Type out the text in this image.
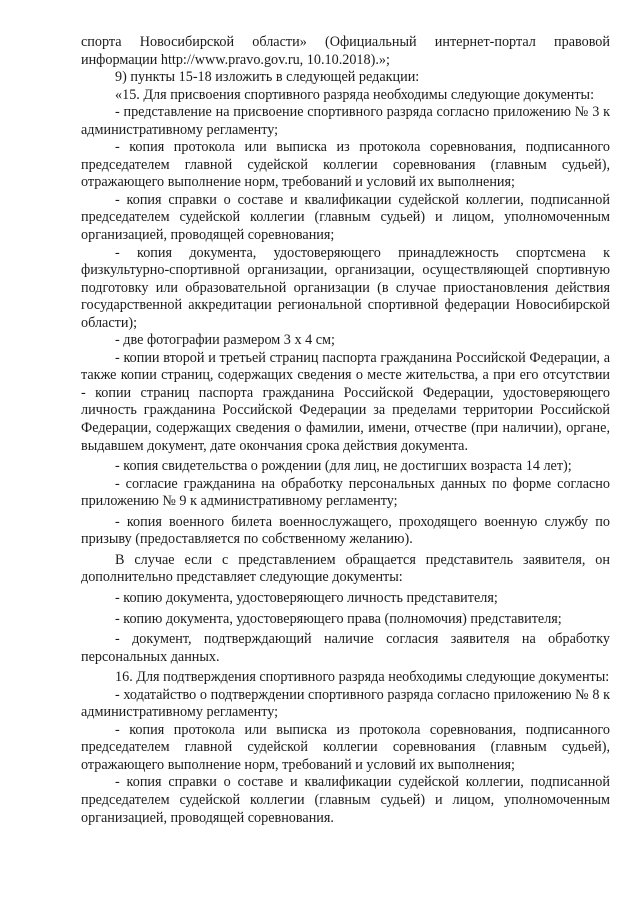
спорта Новосибирской области» (Официальный интернет-портал правовой информации http://www.pravo.gov.ru, 10.10.2018).»;

9) пункты 15-18 изложить в следующей редакции:

«15. Для присвоения спортивного разряда необходимы следующие документы:

- представление на присвоение спортивного разряда согласно приложению № 3 к административному регламенту;

- копия протокола или выписка из протокола соревнования, подписанного председателем главной судейской коллегии соревнования (главным судьей), отражающего выполнение норм, требований и условий их выполнения;

- копия справки о составе и квалификации судейской коллегии, подписанной председателем судейской коллегии (главным судьей) и лицом, уполномоченным организацией, проводящей соревнования;

- копия документа, удостоверяющего принадлежность спортсмена к физкультурно-спортивной организации, организации, осуществляющей спортивную подготовку или образовательной организации (в случае приостановления действия государственной аккредитации региональной спортивной федерации Новосибирской области);

- две фотографии размером 3 х 4 см;

- копии второй и третьей страниц паспорта гражданина Российской Федерации, а также копии страниц, содержащих сведения о месте жительства, а при его отсутствии - копии страниц паспорта гражданина Российской Федерации, удостоверяющего личность гражданина Российской Федерации за пределами территории Российской Федерации, содержащих сведения о фамилии, имени, отчестве (при наличии), органе, выдавшем документ, дате окончания срока действия документа.

- копия свидетельства о рождении (для лиц, не достигших возраста 14 лет);

- согласие гражданина на обработку персональных данных по форме согласно приложению № 9 к административному регламенту;

- копия военного билета военнослужащего, проходящего военную службу по призыву (предоставляется по собственному желанию).

В случае если с представлением обращается представитель заявителя, он дополнительно представляет следующие документы:

- копию документа, удостоверяющего личность представителя;

- копию документа, удостоверяющего права (полномочия) представителя;

- документ, подтверждающий наличие согласия заявителя на обработку персональных данных.

16. Для подтверждения спортивного разряда необходимы следующие документы:

- ходатайство о подтверждении спортивного разряда согласно приложению № 8 к административному регламенту;

- копия протокола или выписка из протокола соревнования, подписанного председателем главной судейской коллегии соревнования (главным судьей), отражающего выполнение норм, требований и условий их выполнения;

- копия справки о составе и квалификации судейской коллегии, подписанной председателем судейской коллегии (главным судьей) и лицом, уполномоченным организацией, проводящей соревнования.
